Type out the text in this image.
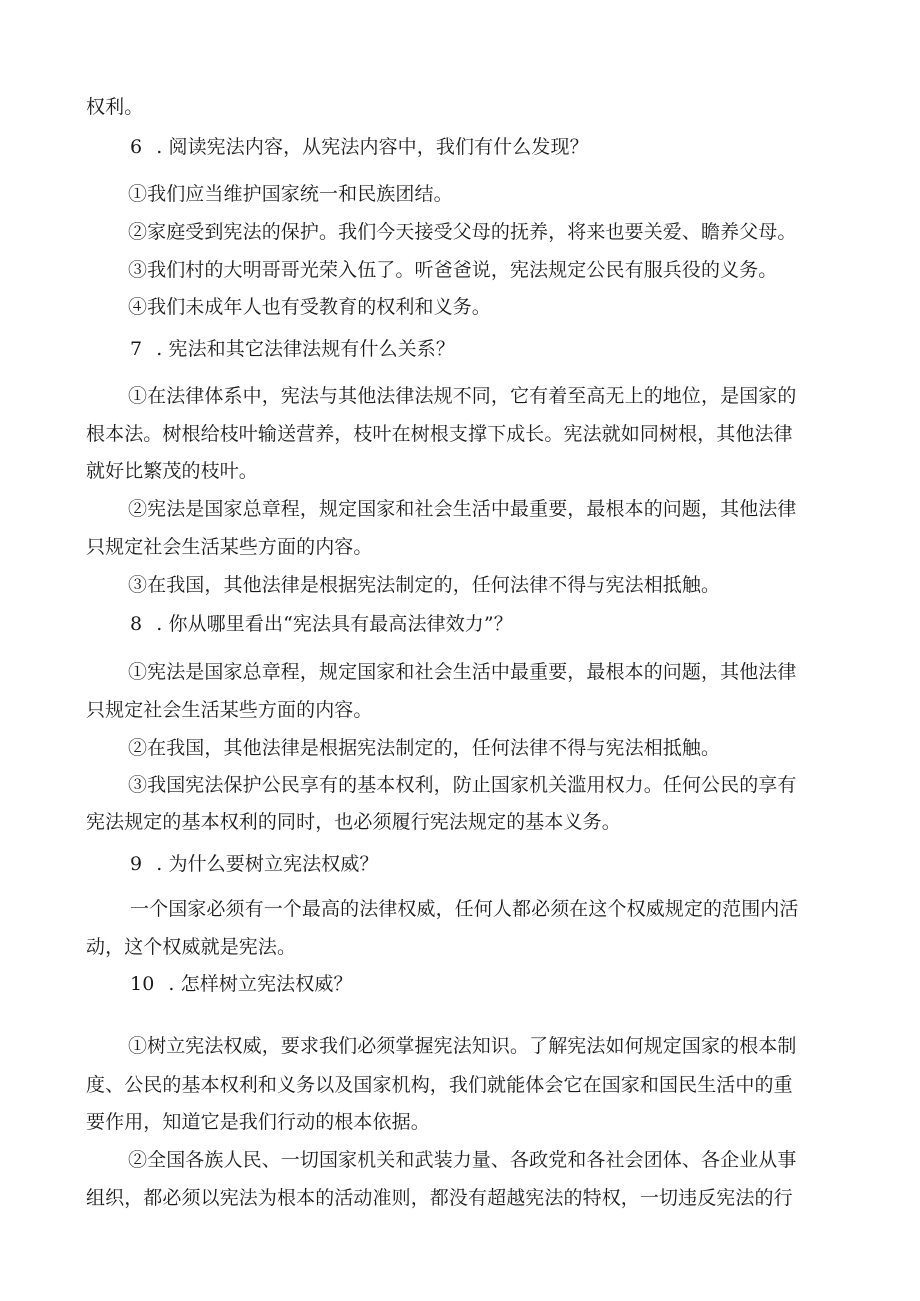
权利。
6 . 阅读宪法内容，从宪法内容中，我们有什么发现？
①我们应当维护国家统一和民族团结。
②家庭受到宪法的保护。我们今天接受父母的抚养，将来也要关爱、瞻养父母。
③我们村的大明哥哥光荣入伍了。听爸爸说，宪法规定公民有服兵役的义务。
④我们未成年人也有受教育的权利和义务。
7 . 宪法和其它法律法规有什么关系？
①在法律体系中，宪法与其他法律法规不同，它有着至高无上的地位，是国家的
根本法。树根给枝叶输送营养，枝叶在树根支撑下成长。宪法就如同树根，其他法律
就好比繁茂的枝叶。
②宪法是国家总章程，规定国家和社会生活中最重要，最根本的问题，其他法律
只规定社会生活某些方面的内容。
③在我国，其他法律是根据宪法制定的，任何法律不得与宪法相抵触。
8 . 你从哪里看出“宪法具有最高法律效力”？
①宪法是国家总章程，规定国家和社会生活中最重要，最根本的问题，其他法律
只规定社会生活某些方面的内容。
②在我国，其他法律是根据宪法制定的，任何法律不得与宪法相抵触。
③我国宪法保护公民享有的基本权利，防止国家机关滥用权力。任何公民的享有
宪法规定的基本权利的同时，也必须履行宪法规定的基本义务。
9 . 为什么要树立宪法权威？
一个国家必须有一个最高的法律权威，任何人都必须在这个权威规定的范围内活
动，这个权威就是宪法。
10 . 怎样树立宪法权威？
①树立宪法权威，要求我们必须掌握宪法知识。了解宪法如何规定国家的根本制
度、公民的基本权利和义务以及国家机构，我们就能体会它在国家和国民生活中的重
要作用，知道它是我们行动的根本依据。
②全国各族人民、一切国家机关和武装力量、各政党和各社会团体、各企业从事
组织，都必须以宪法为根本的活动准则，都没有超越宪法的特权，一切违反宪法的行
